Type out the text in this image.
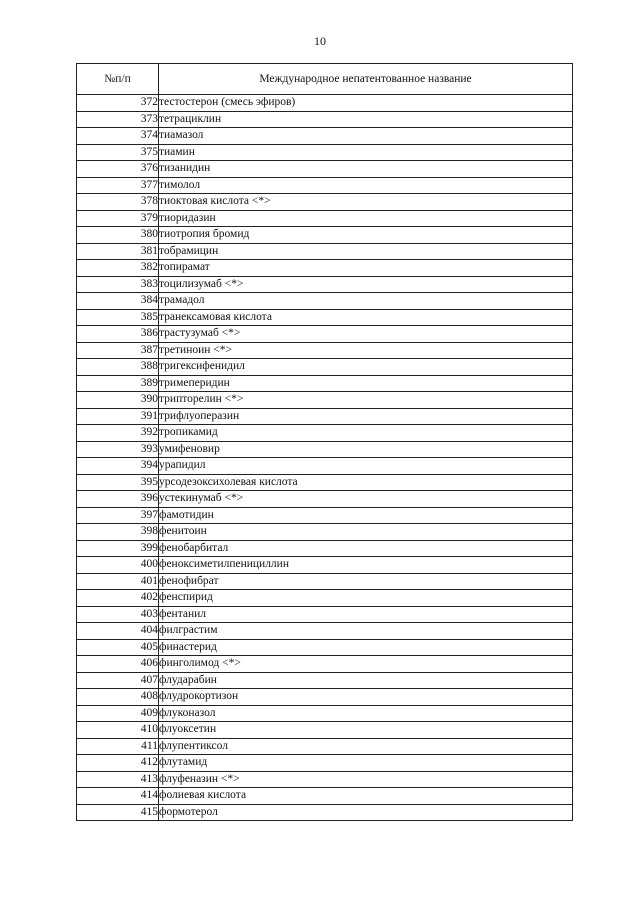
10
№п/п	Международное непатентованное название
372	тестостерон (смесь эфиров)
373	тетрациклин
374	тиамазол
375	тиамин
376	тизанидин
377	тимолол
378	тиоктовая кислота <*>
379	тиоридазин
380	тиотропия бромид
381	тобрамицин
382	топирамат
383	тоцилизумаб <*>
384	трамадол
385	транексамовая кислота
386	трастузумаб <*>
387	третиноин <*>
388	тригексифенидил
389	тримеперидин
390	трипторелин <*>
391	трифлуоперазин
392	тропикамид
393	умифеновир
394	урапидил
395	урсодезоксихолевая кислота
396	устекинумаб <*>
397	фамотидин
398	фенитоин
399	фенобарбитал
400	феноксиметилпенициллин
401	фенофибрат
402	фенспирид
403	фентанил
404	филграстим
405	финастерид
406	финголимод <*>
407	флударабин
408	флудрокортизон
409	флуконазол
410	флуоксетин
411	флупентиксол
412	флутамид
413	флуфеназин <*>
414	фолиевая кислота
415	формотерол
